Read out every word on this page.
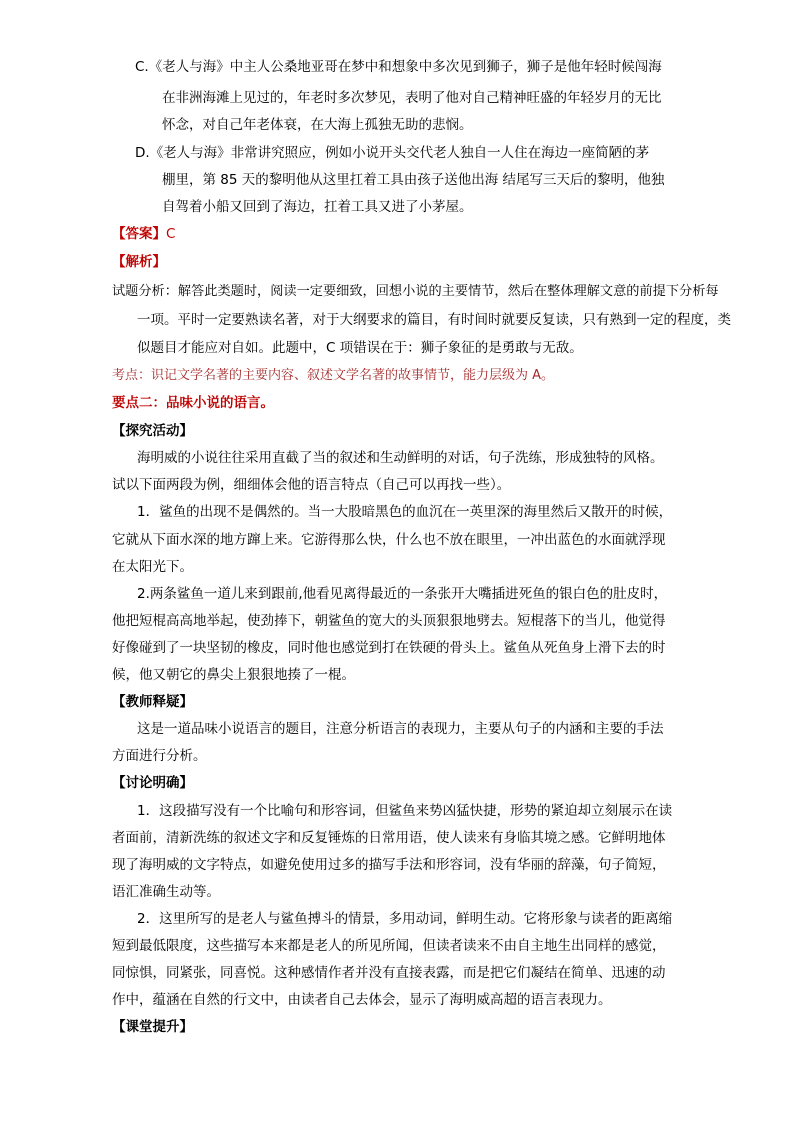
C.《老人与海》中主人公桑地亚哥在梦中和想象中多次见到狮子，狮子是他年轻时候闯海
在非洲海滩上见过的，年老时多次梦见，表明了他对自己精神旺盛的年轻岁月的无比
怀念，对自己年老体衰，在大海上孤独无助的悲悯。
D.《老人与海》非常讲究照应，例如小说开头交代老人独自一人住在海边一座简陋的茅
棚里，第 85 天的黎明他从这里扛着工具由孩子送他出海 结尾写三天后的黎明，他独
自驾着小船又回到了海边，扛着工具又进了小茅屋。
【答案】C
【解析】
试题分析：解答此类题时，阅读一定要细致，回想小说的主要情节，然后在整体理解文意的前提下分析每
一项。平时一定要熟读名著，对于大纲要求的篇目，有时间时就要反复读，只有熟到一定的程度，类
似题目才能应对自如。此题中，C 项错误在于：狮子象征的是勇敢与无敌。
考点：识记文学名著的主要内容、叙述文学名著的故事情节，能力层级为 A。
要点二：品味小说的语言。
【探究活动】
海明威的小说往往采用直截了当的叙述和生动鲜明的对话，句子洗练，形成独特的风格。
试以下面两段为例，细细体会他的语言特点（自己可以再找一些）。
1．鲨鱼的出现不是偶然的。当一大股暗黑色的血沉在一英里深的海里然后又散开的时候，
它就从下面水深的地方蹿上来。它游得那么快，什么也不放在眼里，一冲出蓝色的水面就浮现
在太阳光下。
2.两条鲨鱼一道儿来到跟前,他看见离得最近的一条张开大嘴插进死鱼的银白色的肚皮时，
他把短棍高高地举起，使劲捧下，朝鲨鱼的宽大的头顶狠狠地劈去。短棍落下的当儿，他觉得
好像碰到了一块坚韧的橡皮，同时他也感觉到打在铁硬的骨头上。鲨鱼从死鱼身上滑下去的时
候，他又朝它的鼻尖上狠狠地揍了一棍。
【教师释疑】
这是一道品味小说语言的题目，注意分析语言的表现力，主要从句子的内涵和主要的手法
方面进行分析。
【讨论明确】
1．这段描写没有一个比喻句和形容词，但鲨鱼来势凶猛快捷，形势的紧迫却立刻展示在读
者面前，清新洗练的叙述文字和反复锤炼的日常用语，使人读来有身临其境之感。它鲜明地体
现了海明威的文字特点，如避免使用过多的描写手法和形容词，没有华丽的辞藻，句子简短，
语汇准确生动等。
2．这里所写的是老人与鲨鱼搏斗的情景，多用动词，鲜明生动。它将形象与读者的距离缩
短到最低限度，这些描写本来都是老人的所见所闻，但读者读来不由自主地生出同样的感觉，
同惊惧，同紧张，同喜悦。这种感情作者并没有直接表露，而是把它们凝结在简单、迅速的动
作中，蕴涵在自然的行文中，由读者自己去体会，显示了海明威高超的语言表现力。
【课堂提升】
